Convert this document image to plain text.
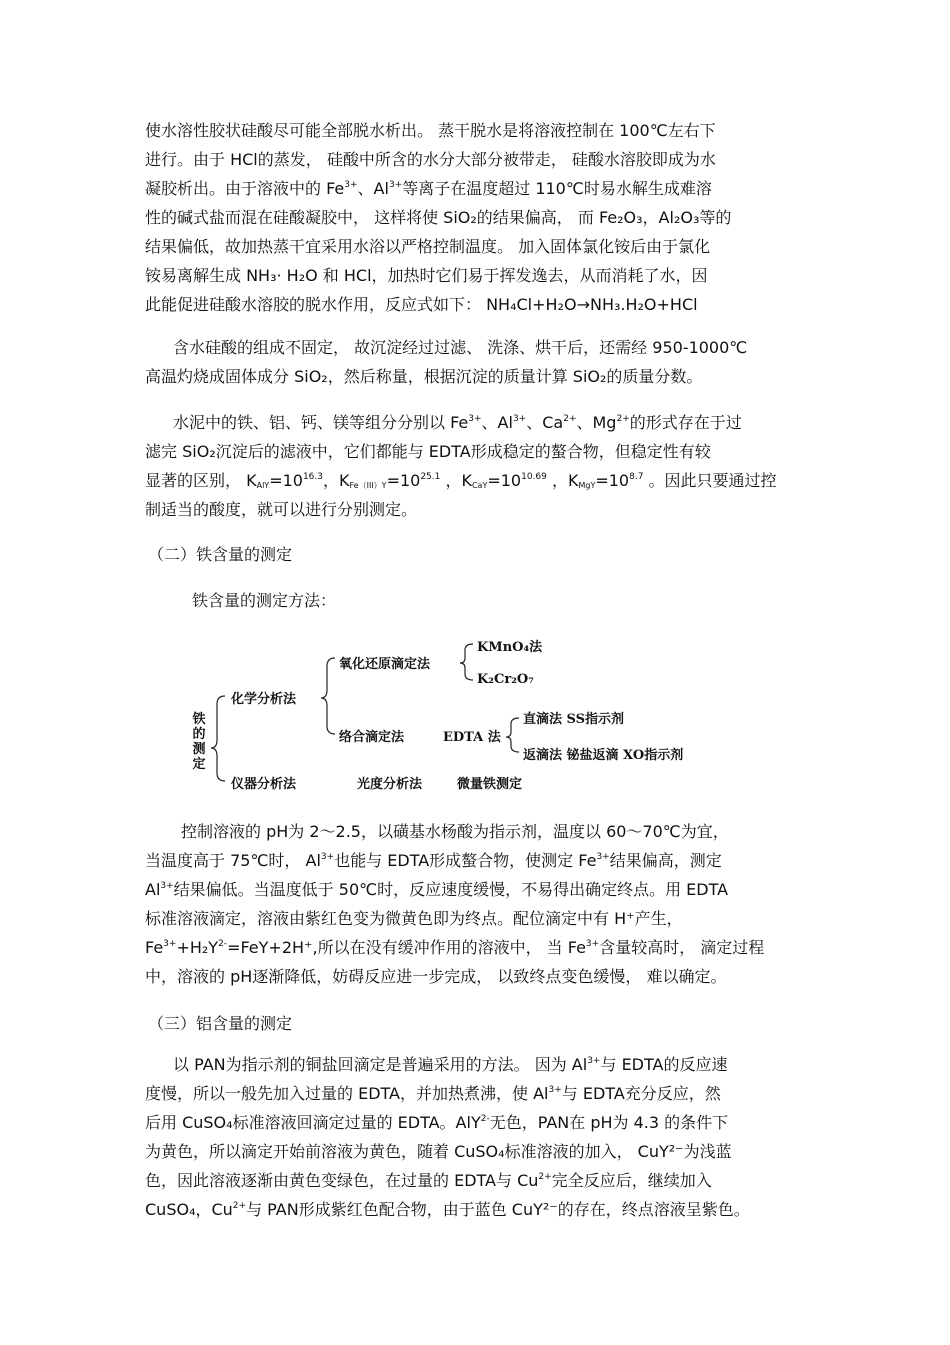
使水溶性胶状硅酸尽可能全部脱水析出。 蒸干脱水是将溶液控制在 100℃左右下
进行。由于 HCl的蒸发， 硅酸中所含的水分大部分被带走， 硅酸水溶胶即成为水
凝胶析出。由于溶液中的 $Fe^{3+}$、$Al^{3+}$等离子在温度超过 110℃时易水解生成难溶
性的碱式盐而混在硅酸凝胶中， 这样将使 SiO₂的结果偏高， 而 Fe₂O₃，Al₂O₃等的
结果偏低，故加热蒸干宜采用水浴以严格控制温度。 加入固体氯化铵后由于氯化
铵易离解生成 NH₃· H₂O 和 HCl，加热时它们易于挥发逸去，从而消耗了水，因
此能促进硅酸水溶胶的脱水作用，反应式如下： NH₄Cl+H₂O→NH₃.H₂O+HCl
含水硅酸的组成不固定， 故沉淀经过过滤、 洗涤、烘干后，还需经 950-1000℃
高温灼烧成固体成分 SiO₂，然后称量，根据沉淀的质量计算 SiO₂的质量分数。
水泥中的铁、铝、钙、镁等组分分别以 $Fe^{3+}$、$Al^{3+}$、$Ca^{2+}$、$Mg^{2+}$的形式存在于过
滤完 SiO₂沉淀后的滤液中，它们都能与 EDTA形成稳定的螯合物，但稳定性有较
显著的区别， $K_{AlY}=10^{16.3}$，$K_{Fe(III)Y}=10^{25.1}$ ，$K_{CaY}=10^{10.69}$ ，$K_{MgY}=10^{8.7}$ 。因此只要通过控
制适当的酸度，就可以进行分别测定。
（二）铁含量的测定
铁含量的测定方法：
铁
的
测
定
化学分析法
仪器分析法
氧化还原滴定法
络合滴定法	EDTA 法
KMnO₄法
K₂Cr₂O₇
直滴法 SS指示剂
返滴法 铋盐返滴 XO指示剂
光度分析法	微量铁测定
控制溶液的 pH为 2～2.5，以磺基水杨酸为指示剂，温度以 60～70℃为宜，
当温度高于 75℃时， $Al^{3+}$也能与 EDTA形成螯合物，使测定 $Fe^{3+}$结果偏高，测定
$Al^{3+}$结果偏低。当温度低于 50℃时，反应速度缓慢，不易得出确定终点。用 EDTA
标准溶液滴定，溶液由紫红色变为微黄色即为终点。配位滴定中有 H⁺产生，
$Fe^{3+}+H_2Y^{2-}=FeY+2H^+$,所以在没有缓冲作用的溶液中， 当 $Fe^{3+}$含量较高时， 滴定过程
中，溶液的 pH逐渐降低，妨碍反应进一步完成， 以致终点变色缓慢， 难以确定。
（三）铝含量的测定
以 PAN为指示剂的铜盐回滴定是普遍采用的方法。 因为 $Al^{3+}$与 EDTA的反应速
度慢，所以一般先加入过量的 EDTA，并加热煮沸，使 $Al^{3+}$与 EDTA充分反应，然
后用 CuSO₄标准溶液回滴定过量的 EDTA。AlY$^{2-}$无色，PAN在 pH为 4.3 的条件下
为黄色，所以滴定开始前溶液为黄色，随着 CuSO₄标准溶液的加入， CuY²⁻为浅蓝
色，因此溶液逐渐由黄色变绿色，在过量的 EDTA与 $Cu^{2+}$完全反应后，继续加入
CuSO₄，$Cu^{2+}$与 PAN形成紫红色配合物，由于蓝色 CuY²⁻的存在，终点溶液呈紫色。
